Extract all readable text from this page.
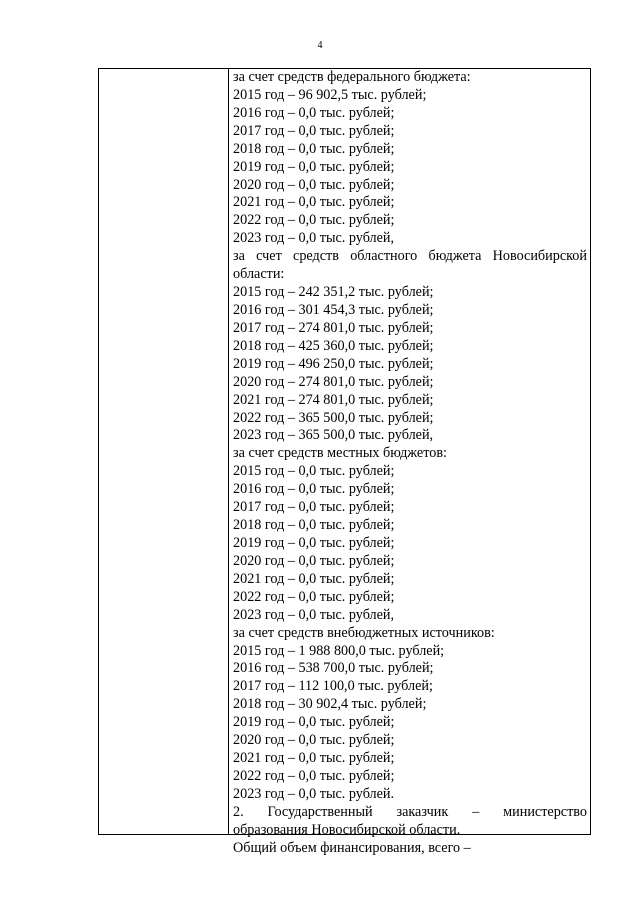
4
за счет средств федерального бюджета:
2015 год – 96 902,5 тыс. рублей;
2016 год – 0,0 тыс. рублей;
2017 год – 0,0 тыс. рублей;
2018 год – 0,0 тыс. рублей;
2019 год – 0,0 тыс. рублей;
2020 год – 0,0 тыс. рублей;
2021 год – 0,0 тыс. рублей;
2022 год – 0,0 тыс. рублей;
2023 год – 0,0 тыс. рублей,
за счет средств областного бюджета Новосибирской
области:
2015 год – 242 351,2 тыс. рублей;
2016 год – 301 454,3 тыс. рублей;
2017 год – 274 801,0 тыс. рублей;
2018 год – 425 360,0 тыс. рублей;
2019 год – 496 250,0 тыс. рублей;
2020 год – 274 801,0 тыс. рублей;
2021 год – 274 801,0 тыс. рублей;
2022 год – 365 500,0 тыс. рублей;
2023 год – 365 500,0 тыс. рублей,
за счет средств местных бюджетов:
2015 год – 0,0 тыс. рублей;
2016 год – 0,0 тыс. рублей;
2017 год – 0,0 тыс. рублей;
2018 год – 0,0 тыс. рублей;
2019 год – 0,0 тыс. рублей;
2020 год – 0,0 тыс. рублей;
2021 год – 0,0 тыс. рублей;
2022 год – 0,0 тыс. рублей;
2023 год – 0,0 тыс. рублей,
за счет средств внебюджетных источников:
2015 год – 1 988 800,0 тыс. рублей;
2016 год – 538 700,0 тыс. рублей;
2017 год – 112 100,0 тыс. рублей;
2018 год – 30 902,4 тыс. рублей;
2019 год – 0,0 тыс. рублей;
2020 год – 0,0 тыс. рублей;
2021 год – 0,0 тыс. рублей;
2022 год – 0,0 тыс. рублей;
2023 год – 0,0 тыс. рублей.
2. Государственный заказчик – министерство
образования Новосибирской области.
Общий объем финансирования, всего –
